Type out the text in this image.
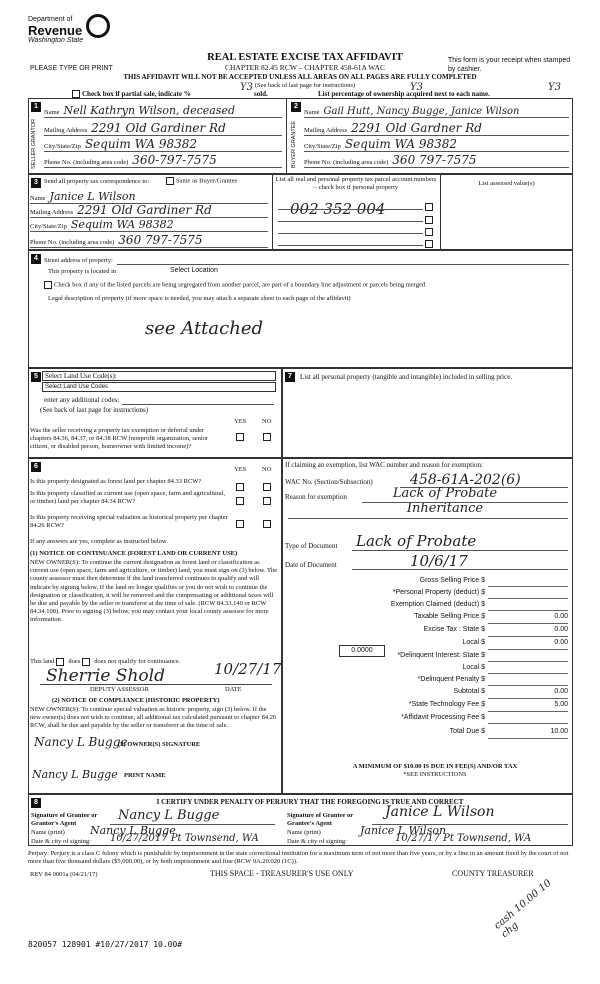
Department of
Revenue
Washington State
PLEASE TYPE OR PRINT
REAL ESTATE EXCISE TAX AFFIDAVIT
CHAPTER 82.45 RCW – CHAPTER 458-61A WAC
This form is your receipt when stamped by cashier.
THIS AFFIDAVIT WILL NOT BE ACCEPTED UNLESS ALL AREAS ON ALL PAGES ARE FULLY COMPLETED
(See back of last page for instructions)
Check box if partial sale, indicate %	sold.	List percentage of ownership acquired next to each name.
Y3	Y3	Y3
1
SELLER GRANTOR
Name Nell Kathryn Wilson, deceased
Mailing Address 2291 Old Gardiner Rd
City/State/Zip Sequim WA 98382
Phone No. (including area code) 360-797-7575
2
BUYER GRANTEE
Name Gail Hutt, Nancy Bugge, Janice Wilson
Mailing Address 2291 Old Gardner Rd
City/State/Zip Sequim WA 98382
Phone No. (including area code) 360 797-7575
3 Send all property tax correspondence to:	Same as Buyer/Grantee
Name Janice L Wilson
Mailing Address 2291 Old Gardiner Rd
City/State/Zip Sequim WA 98382
Phone No. (including area code) 360 797-7575
List all real and personal property tax parcel account numbers – check box if personal property
002 352 004
List assessed value(s)
4 Street address of property:
This property is located in	Select Location
Check box if any of the listed parcels are being segregated from another parcel, are part of a boundary line adjustment or parcels being merged
Legal description of property (if more space is needed, you may attach a separate sheet to each page of the affidavit)
see Attached
5	Select Land Use Code(s):
Select Land Use Codes
enter any additional codes:
(See back of last page for instructions)
YES NO
Was the seller receiving a property tax exemption or deferral under chapters 84.36, 84.37, or 84.38 RCW (nonprofit organization, senior citizen, or disabled person, homeowner with limited income)?
7	List all personal property (tangible and intangible) included in selling price.
6	YES NO
Is this property designated as forest land per chapter 84.33 RCW?
Is this property classified as current use (open space, farm and agricultural, or timber) land per chapter 84.34 RCW?
Is this property receiving special valuation as historical property per chapter 84.26 RCW?
If any answers are yes, complete as instructed below.
(1) NOTICE OF CONTINUANCE (FOREST LAND OR CURRENT USE)
NEW OWNER(S): To continue the current designation as forest land or classification as current use (open space, farm and agriculture, or timber) land, you must sign on (3) below. The county assessor must then determine if the land transferred continues to qualify and will indicate by signing below. If the land no longer qualifies or you do not wish to continue the designation or classification, it will be removed and the compensating or additional taxes will be due and payable by the seller or transferor at the time of sale. (RCW 84.33.140 or RCW 84.34.108). Prior to signing (3) below, you may contact your local county assessor for more information.
This land does does not qualify for continuance.
Sherrie Shold	10/27/17
DEPUTY ASSESSOR	DATE
(2) NOTICE OF COMPLIANCE (HISTORIC PROPERTY)
NEW OWNER(S): To continue special valuation as historic property, sign (3) below. If the new owner(s) does not wish to continue, all additional tax calculated pursuant to chapter 84.26 RCW, shall be due and payable by the seller or transferor at the time of sale.
Nancy L Bugge
(3) OWNER(S) SIGNATURE
Nancy L Bugge PRINT NAME
If claiming an exemption, list WAC number and reason for exemption:
WAC No. (Section/Subsection)	458-61A-202(6)
Reason for exemption	Lack of Probate Inheritance
Type of Document Lack of Probate
Date of Document	10/6/17
Gross Selling Price $
*Personal Property (deduct) $
Exemption Claimed (deduct) $
Taxable Selling Price $	0.00
Excise Tax : State $	0.00
Local $	0.00
*Delinquent Interest: State $
Local $
*Delinquent Penalty $
Subtotal $	0.00
*State Technology Fee $	5.00
*Affidavit Processing Fee $
Total Due $	10.00
0.0000
A MINIMUM OF $10.00 IS DUE IN FEE(S) AND/OR TAX
*SEE INSTRUCTIONS
8	I CERTIFY UNDER PENALTY OF PERJURY THAT THE FOREGOING IS TRUE AND CORRECT
Signature of Grantor or Grantor's Agent
Nancy L Bugge
Name (print) Nancy L Bugge
Date & city of signing: 10/27/2017 Pt Townsend, WA
Signature of Grantee or Grantee's Agent
Janice L Wilson
Name (print)	Janice L Wilson
Date & city of signing:	10/27/17 Pt Townsend, WA
Perjury: Perjury is a class C felony which is punishable by imprisonment in the state correctional institution for a maximum term of not more than five years, or by a fine in an amount fixed by the court of not more than five thousand dollars ($5,000.00), or by both imprisonment and fine (RCW 9A.20.020 (1C)).
REV 84 0001a (04/21/17)	THIS SPACE - TREASURER'S USE ONLY	COUNTY TREASURER
cash 10.00 10 chg
820057 128901 #10/27/2017 10.00#
